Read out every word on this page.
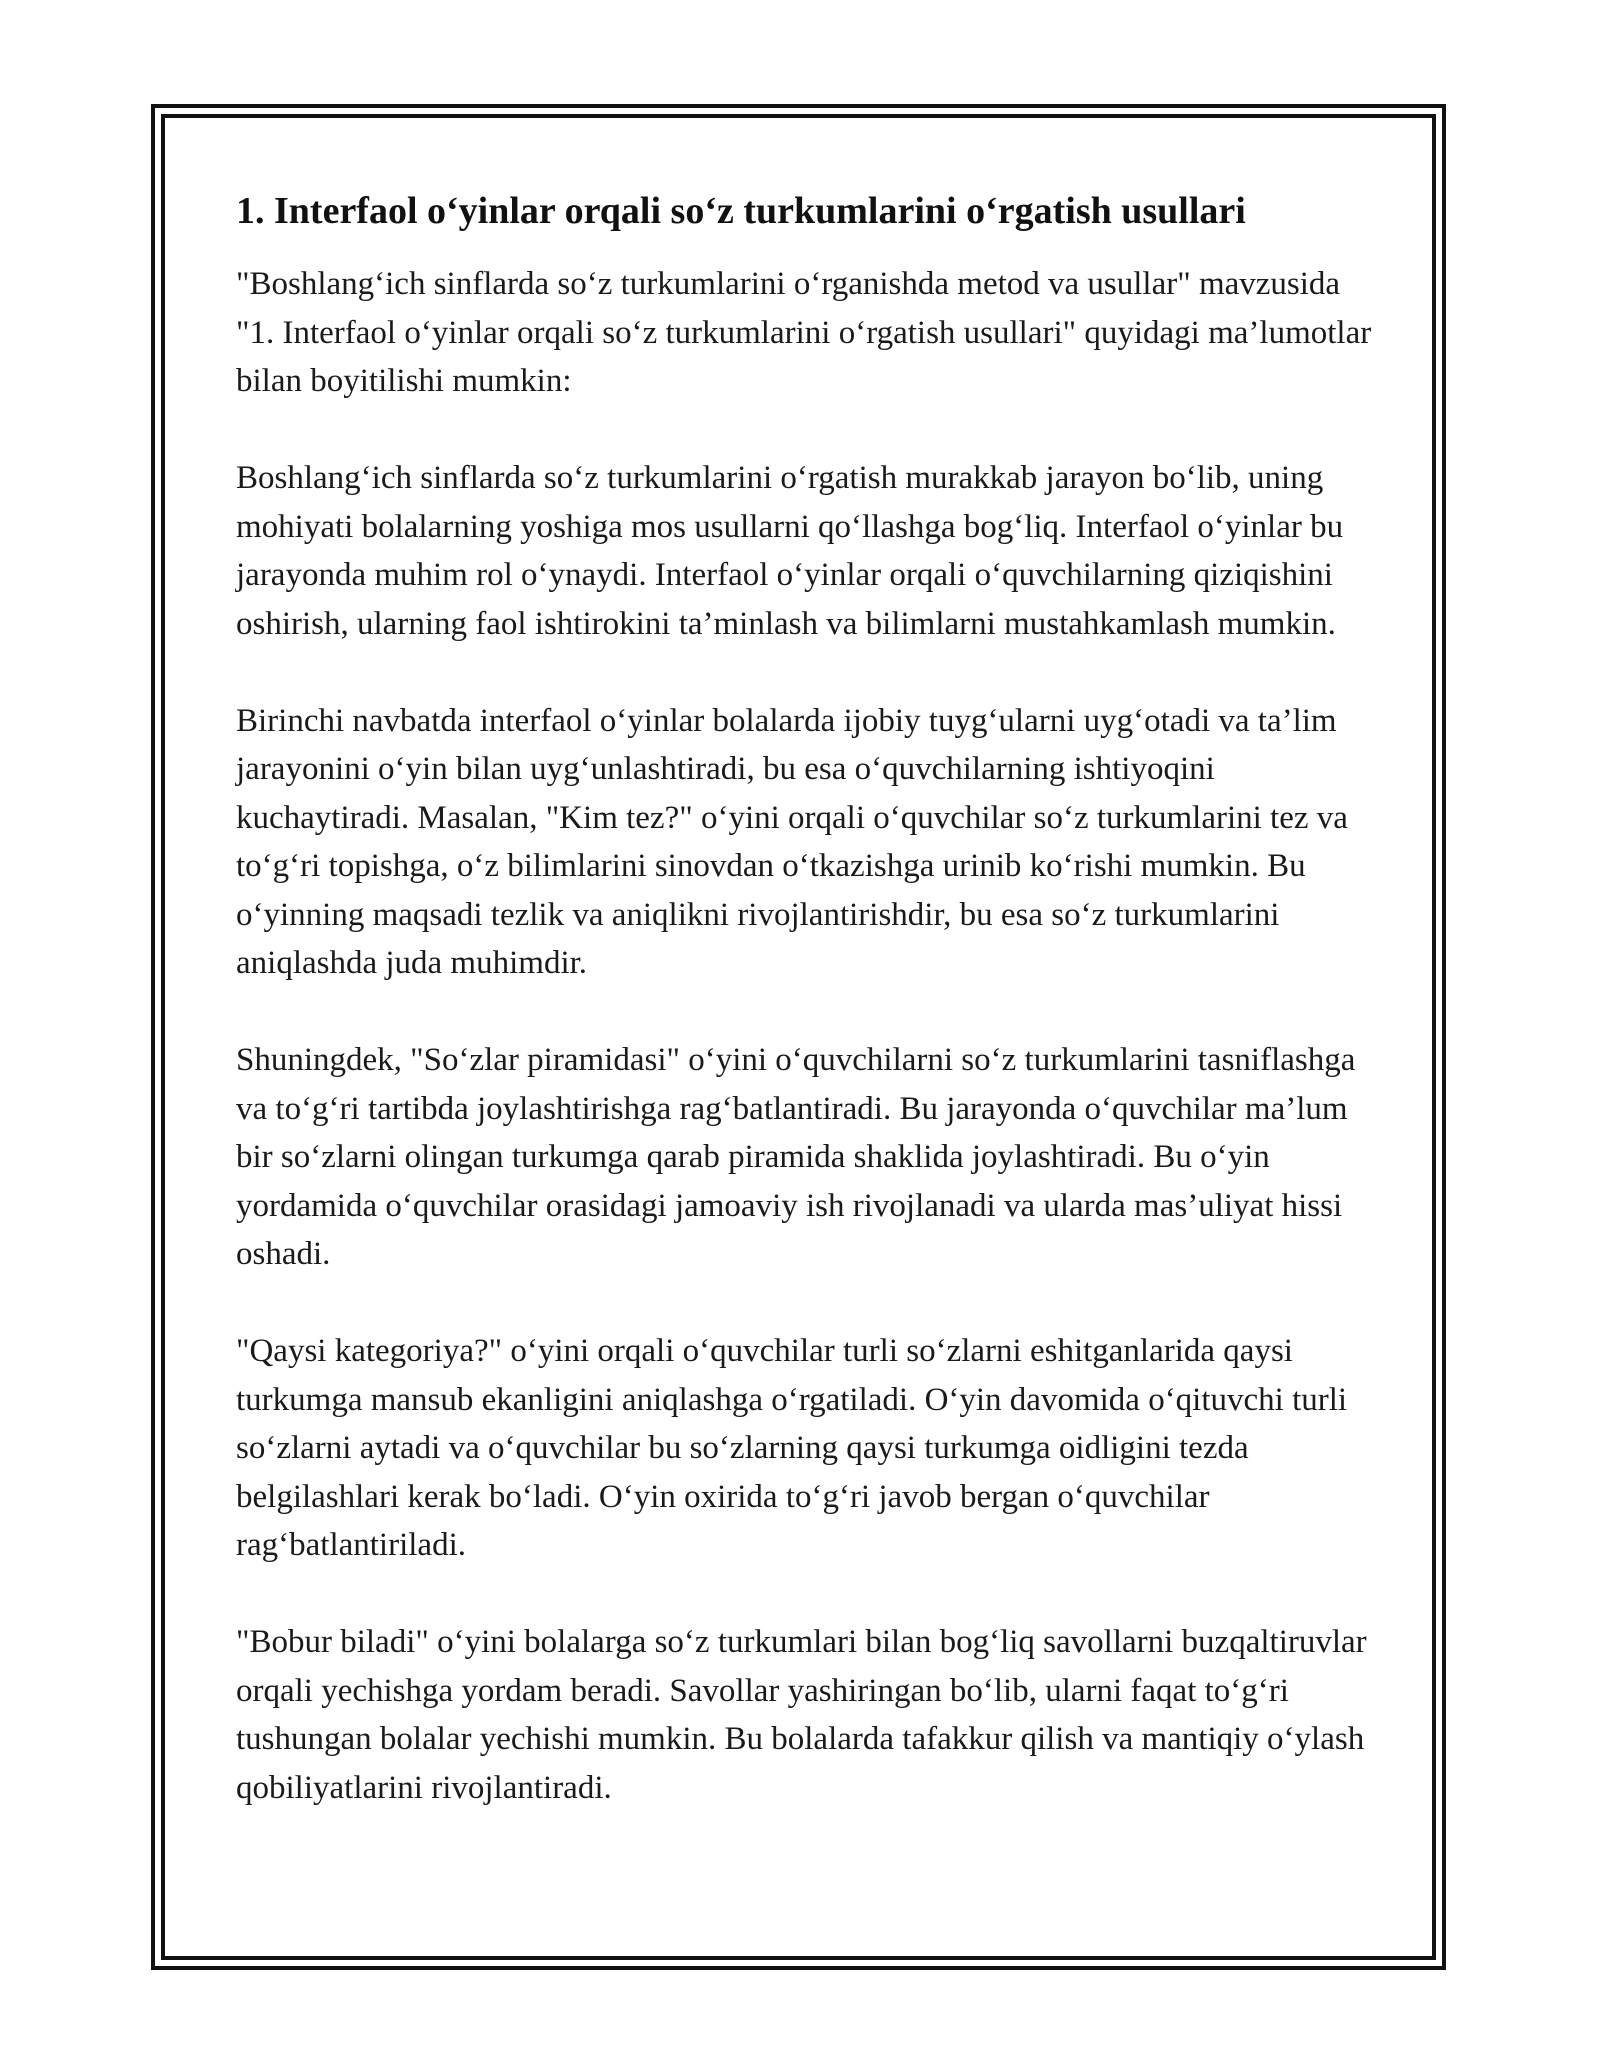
1. Interfaol o‘yinlar orqali so‘z turkumlarini o‘rgatish usullari

"Boshlang‘ich sinflarda so‘z turkumlarini o‘rganishda metod va usullar" mavzusida "1. Interfaol o‘yinlar orqali so‘z turkumlarini o‘rgatish usullari" quyidagi ma’lumotlar bilan boyitilishi mumkin:

Boshlang‘ich sinflarda so‘z turkumlarini o‘rgatish murakkab jarayon bo‘lib, uning mohiyati bolalarning yoshiga mos usullarni qo‘llashga bog‘liq. Interfaol o‘yinlar bu jarayonda muhim rol o‘ynaydi. Interfaol o‘yinlar orqali o‘quvchilarning qiziqishini oshirish, ularning faol ishtirokini ta’minlash va bilimlarni mustahkamlash mumkin.

Birinchi navbatda interfaol o‘yinlar bolalarda ijobiy tuyg‘ularni uyg‘otadi va ta’lim jarayonini o‘yin bilan uyg‘unlashtiradi, bu esa o‘quvchilarning ishtiyoqini kuchaytiradi. Masalan, "Kim tez?" o‘yini orqali o‘quvchilar so‘z turkumlarini tez va to‘g‘ri topishga, o‘z bilimlarini sinovdan o‘tkazishga urinib ko‘rishi mumkin. Bu o‘yinning maqsadi tezlik va aniqlikni rivojlantirishdir, bu esa so‘z turkumlarini aniqlashda juda muhimdir.

Shuningdek, "So‘zlar piramidasi" o‘yini o‘quvchilarni so‘z turkumlarini tasniflashga va to‘g‘ri tartibda joylashtirishga rag‘batlantiradi. Bu jarayonda o‘quvchilar ma’lum bir so‘zlarni olingan turkumga qarab piramida shaklida joylashtiradi. Bu o‘yin yordamida o‘quvchilar orasidagi jamoaviy ish rivojlanadi va ularda mas’uliyat hissi oshadi.

"Qaysi kategoriya?" o‘yini orqali o‘quvchilar turli so‘zlarni eshitganlarida qaysi turkumga mansub ekanligini aniqlashga o‘rgatiladi. O‘yin davomida o‘qituvchi turli so‘zlarni aytadi va o‘quvchilar bu so‘zlarning qaysi turkumga oidligini tezda belgilashlari kerak bo‘ladi. O‘yin oxirida to‘g‘ri javob bergan o‘quvchilar rag‘batlantiriladi.

"Bobur biladi" o‘yini bolalarga so‘z turkumlari bilan bog‘liq savollarni buzqaltiruvlar orqali yechishga yordam beradi. Savollar yashiringan bo‘lib, ularni faqat to‘g‘ri tushungan bolalar yechishi mumkin. Bu bolalarda tafakkur qilish va mantiqiy o‘ylash qobiliyatlarini rivojlantiradi.
